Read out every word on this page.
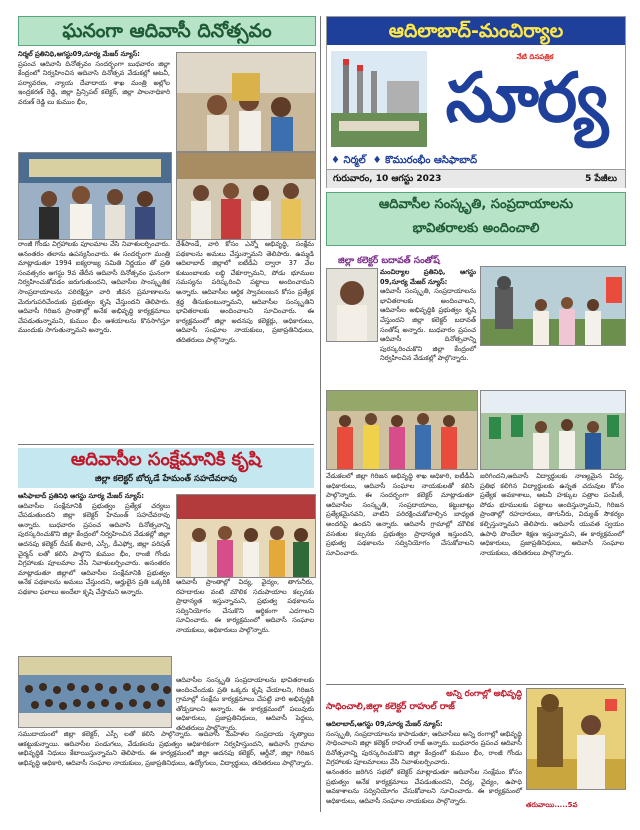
ఘనంగా ఆదివాసీ దినోత్సవం

నిర్మల్ ప్రతినిధి,ఆగస్టు09,సూర్య మేజర్ న్యూస్:

ప్రపంచ ఆదివాసి దినోత్సవం సందర్భంగా బుధవారం జిల్లా కేంద్రంలో నిర్వహించిన ఆదివాసి దినోత్సవ వేడుకల్లో అటవీ, పర్యావరణ, న్యాయ దేవాదాయ శాఖ మంత్రి అల్లోల ఇంద్రకరణ్ రెడ్డి, జిల్లా ప్రిన్సిపల్ కలెక్టర్, జిల్లా పాలనాధికారి వరుణ్ రెడ్డి లు కుముం భీం,

రాంజీ గోండు విగ్రహాలకు పూలమాల వేసి నివాళులర్పించారు. అనంతరం తలాను ఉపన్యసించారు. ఈ సందర్భంగా మంత్రి మాట్లాడుతూ 1994 ఐక్యరాజ్య సమితి నిర్ణయం తో ప్రతి సంవత్సరం ఆగస్టు 9వ తేదీన ఆదివాసీ దినోత్సవం ఘనంగా నిర్వహించుకోవడం జరుగుతుందని, ఆదివాసీల సాంస్కృతిక సాంప్రదాయాలను పరిరక్షిస్తూ వారి జీవన ప్రమాణాలను మెరుగుపరిచేందుకు ప్రభుత్వం కృషి చేస్తుందని తెలిపారు. ఆదివాసీ గిరిజన ప్రాంతాల్లో అనేక అభివృద్ధి కార్యక్రమాలు చేపడుతున్నామని, కుముం భీం ఆశయాలను కొనసాగిస్తూ ముందుకు సాగుతున్నామని అన్నారు.

దేశ్‌పాండే, వారి కోసం ఎన్నో అభివృద్ధి, సంక్షేమ పథకాలను అమలు చేస్తున్నామని తెలిపారు. ఉమ్మడి ఆదిలాబాద్ జిల్లాలో ఐటీడీఏ ద్వారా 37 వేల కుటుంబాలకు లబ్ధి చేకూర్చామని, పోడు భూముల సమస్యను పరిష్కరించి పట్టాలు అందించామని అన్నారు. ఆదివాసీల ఆర్థిక స్వావలంబన కోసం ప్రత్యేక శ్రద్ధ తీసుకుంటున్నామని, ఆదివాసీల సంస్కృతిని భావితరాలకు అందించాలని సూచించారు. ఈ కార్యక్రమంలో జిల్లా అదనపు కలెక్టర్లు, అధికారులు, ఆదివాసీ సంఘాల నాయకులు, ప్రజాప్రతినిధులు, తదితరులు పాల్గొన్నారు.

ఆదివాసీల సంక్షేమానికి కృషి
జిల్లా కలెక్టర్ బోర్కడే హేమంత్ సహదేవరావు

ఆసిఫాబాద్ ప్రతినిధి ఆగస్టు సూర్య మేజర్ న్యూస్:

ఆదివాసీల సంక్షేమానికి ప్రభుత్వం ప్రత్యేక చర్యలు చేపడుతుందని జిల్లా కలెక్టర్ హేమంత్ సహదేవరావు అన్నారు. బుధవారం ప్రపంచ ఆదివాసి దినోత్సవాన్ని పురస్కరించుకొని జిల్లా కేంద్రంలో నిర్వహించిన వేడుకల్లో జిల్లా అదనపు కలెక్టర్ దీపక్ తివారి, ఎస్పీ, డీఎఫ్వో, జిల్లా పరిషత్ చైర్మన్ లతో కలిసి పాల్గొని కుముం భీం, రాంజీ గోండు విగ్రహాలకు పూలమాల వేసి నివాళులర్పించారు. అనంతరం మాట్లాడుతూ జిల్లాలో ఆదివాసీల సంక్షేమానికి ప్రభుత్వం అనేక పథకాలను అమలు చేస్తుందని, అర్హులైన ప్రతి ఒక్కరికి పథకాల ఫలాలు అందేలా కృషి చేస్తామని అన్నారు.

ఆదివాసీ ప్రాంతాల్లో విద్య, వైద్యం, తాగునీరు, రహదారుల వంటి మౌలిక సదుపాయాల కల్పనకు ప్రాధాన్యత ఇస్తున్నామని, ప్రభుత్వ పథకాలను సద్వినియోగం చేసుకొని ఆర్థికంగా ఎదగాలని సూచించారు. ఈ కార్యక్రమంలో ఆదివాసీ సంఘాల నాయకులు, అధికారులు పాల్గొన్నారు.

ఆదివాసీల సంస్కృతి సంప్రదాయాలను భావితరాలకు అందించేందుకు ప్రతి ఒక్కరు కృషి చేయాలని, గిరిజన గ్రామాల్లో సంక్షేమ కార్యక్రమాలు చేపట్టి వారి అభివృద్ధికి తోడ్పడాలని అన్నారు. ఈ కార్యక్రమంలో పలువురు అధికారులు, ప్రజాప్రతినిధులు, ఆదివాసీ పెద్దలు, తదితరులు పాల్గొన్నారు.

సముదాయంలో జిల్లా కలెక్టర్, ఎస్పీ లతో కలిసి పాల్గొన్నారు. ఆదివాసీ మహిళల సంప్రదాయ నృత్యాలు ఆకట్టుకున్నాయి. ఆదివాసీల పండుగలు, వేడుకలను ప్రభుత్వం అధికారికంగా నిర్వహిస్తుందని, ఆదివాసీ గ్రామాల అభివృద్ధికి నిధులు కేటాయిస్తున్నామని తెలిపారు. ఈ కార్యక్రమంలో జిల్లా అదనపు కలెక్టర్, ఆర్డీవో, జిల్లా గిరిజన అభివృద్ధి అధికారి, ఆదివాసీ సంఘాల నాయకులు, ప్రజాప్రతినిధులు, ఉద్యోగులు, విద్యార్థులు, తదితరులు పాల్గొన్నారు.

ఆదిలాబాద్-మంచిర్యాల
సూర్య
నేటి దినపత్రిక
♦ నిర్మల్  ♦ కొమురంభీం ఆసిఫాబాద్
గురువారం, 10 ఆగస్టు 2023	5 పేజీలు
ఆదివాసీల సంస్కృతి, సంప్రదాయాలను
భావితరాలకు అందించాలి
జిల్లా కలెక్టర్ బదావత్ సంతోష్

మంచిర్యాల ప్రతినిధి, ఆగస్టు 09,సూర్య మేజర్ న్యూస్:

ఆదివాసీ సంస్కృతి, సంప్రదాయాలను భావితరాలకు అందించాలని, ఆదివాసీల అభివృద్ధికి ప్రభుత్వం కృషి చేస్తుందని జిల్లా కలెక్టర్ బదావత్ సంతోష్ అన్నారు. బుధవారం ప్రపంచ ఆదివాసీ దినోత్సవాన్ని పురస్కరించుకొని జిల్లా కేంద్రంలో నిర్వహించిన వేడుకల్లో పాల్గొన్నారు.

వేడుకలలో జిల్లా గిరిజన అభివృద్ధి శాఖ అధికారి, ఐటీడీఏ అధికారులు, ఆదివాసీ సంఘాల నాయకులతో కలిసి పాల్గొన్నారు. ఈ సందర్భంగా కలెక్టర్ మాట్లాడుతూ ఆదివాసీల సంస్కృతి, సంప్రదాయాలు, కట్టుబాట్లు ప్రత్యేకమైనవని, వాటిని పరిరక్షించుకోవాల్సిన బాధ్యత అందరిపై ఉందని అన్నారు. ఆదివాసీ గ్రామాల్లో మౌలిక వసతుల కల్పనకు ప్రభుత్వం ప్రాధాన్యత ఇస్తుందని, ప్రభుత్వ పథకాలను సద్వినియోగం చేసుకోవాలని సూచించారు.

జరిగిందని,ఆదివాసీ విద్యార్థులకు నాణ్యమైన విద్య, ప్రతిభ కలిగిన విద్యార్థులకు ఉన్నత చదువుల కోసం ప్రత్యేక అవకాశాలు, అటవీ హక్కుల పత్రాల పంపిణీ, పోడు భూములకు పట్టాలు అందిస్తున్నామని, గిరిజన ప్రాంతాల్లో రహదారులు, తాగునీరు, విద్యుత్ సౌకర్యం కల్పిస్తున్నామని తెలిపారు. ఆదివాసీ యువత స్వయం ఉపాధి పొందేలా శిక్షణ ఇస్తున్నామని, ఈ కార్యక్రమంలో అధికారులు, ప్రజాప్రతినిధులు, ఆదివాసీ సంఘాల నాయకులు, తదితరులు పాల్గొన్నారు.

అన్ని రంగాల్లో అభివృద్ధి
సాధించాలి,జిల్లా కలెక్టర్ రాహుల్ రాజ్

ఆదిలాబాద్,ఆగస్టు 09,సూర్య మేజర్ న్యూస్:

సంస్కృతి, సంప్రదాయాలను కాపాడుతూ, ఆదివాసీలు అన్ని రంగాల్లో అభివృద్ధి సాధించాలని జిల్లా కలెక్టర్ రాహుల్ రాజ్ అన్నారు. బుధవారం ప్రపంచ ఆదివాసీ దినోత్సవాన్ని పురస్కరించుకొని జిల్లా కేంద్రంలో కుముం భీం, రాంజీ గోండు విగ్రహాలకు పూలమాలలు వేసి నివాళులర్పించారు.

అనంతరం జరిగిన సభలో కలెక్టర్ మాట్లాడుతూ ఆదివాసీల సంక్షేమం కోసం ప్రభుత్వం అనేక కార్యక్రమాలు చేపడుతుందని, విద్య, వైద్యం, ఉపాధి అవకాశాలను సద్వినియోగం చేసుకోవాలని సూచించారు. ఈ కార్యక్రమంలో అధికారులు, ఆదివాసీ సంఘాల నాయకులు పాల్గొన్నారు.

తరువాయి.....5వ
